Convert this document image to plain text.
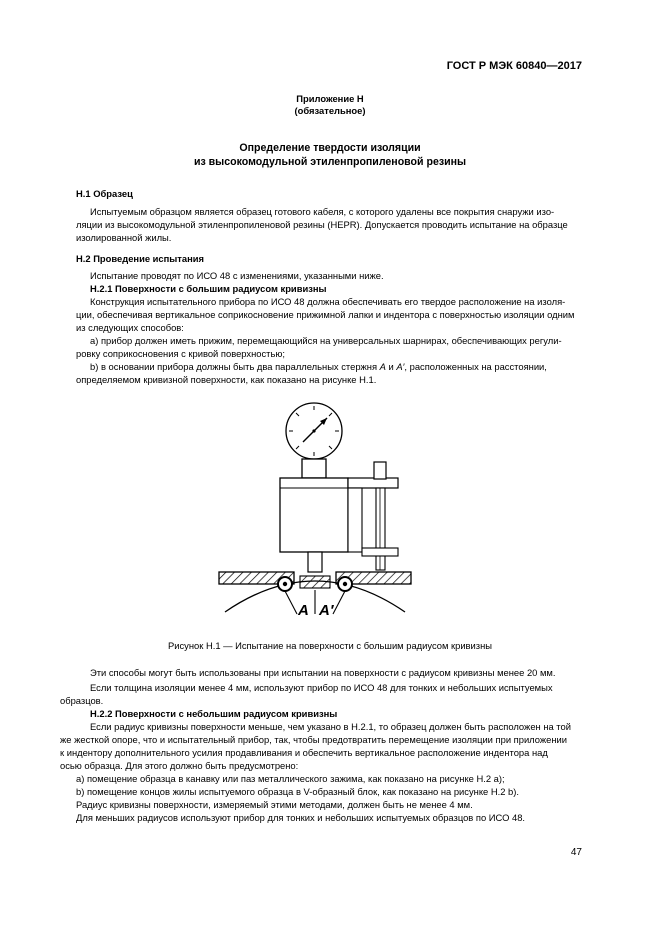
ГОСТ Р МЭК 60840—2017
Приложение Н
(обязательное)
Определение твердости изоляции
из высокомодульной этиленпропиленовой резины
Н.1 Образец
Испытуемым образцом является образец готового кабеля, с которого удалены все покрытия снаружи изо-
ляции из высокомодульной этиленпропиленовой резины (HEPR). Допускается проводить испытание на образце
изолированной жилы.
Н.2 Проведение испытания
Испытание проводят по ИСО 48 с изменениями, указанными ниже.
Н.2.1 Поверхности с большим радиусом кривизны
Конструкция испытательного прибора по ИСО 48 должна обеспечивать его твердое расположение на изоля-
ции, обеспечивая вертикальное соприкосновение прижимной лапки и индентора с поверхностью изоляции одним
из следующих способов:
а) прибор должен иметь прижим, перемещающийся на универсальных шарнирах, обеспечивающих регули-
ровку соприкосновения с кривой поверхностью;
b) в основании прибора должны быть два параллельных стержня А и А′, расположенных на расстоянии,
определяемом кривизной поверхности, как показано на рисунке Н.1.
А А′
Рисунок Н.1 — Испытание на поверхности с большим радиусом кривизны
Эти способы могут быть использованы при испытании на поверхности с радиусом кривизны менее 20 мм.
Если толщина изоляции менее 4 мм, используют прибор по ИСО 48 для тонких и небольших испытуемых
образцов.
Н.2.2 Поверхности с небольшим радиусом кривизны
Если радиус кривизны поверхности меньше, чем указано в Н.2.1, то образец должен быть расположен на той
же жесткой опоре, что и испытательный прибор, так, чтобы предотвратить перемещение изоляции при приложении
к индентору дополнительного усилия продавливания и обеспечить вертикальное расположение индентора над
осью образца. Для этого должно быть предусмотрено:
а) помещение образца в канавку или паз металлического зажима, как показано на рисунке Н.2 а);
b) помещение концов жилы испытуемого образца в V-образный блок, как показано на рисунке Н.2 b).
Радиус кривизны поверхности, измеряемый этими методами, должен быть не менее 4 мм.
Для меньших радиусов используют прибор для тонких и небольших испытуемых образцов по ИСО 48.
47
